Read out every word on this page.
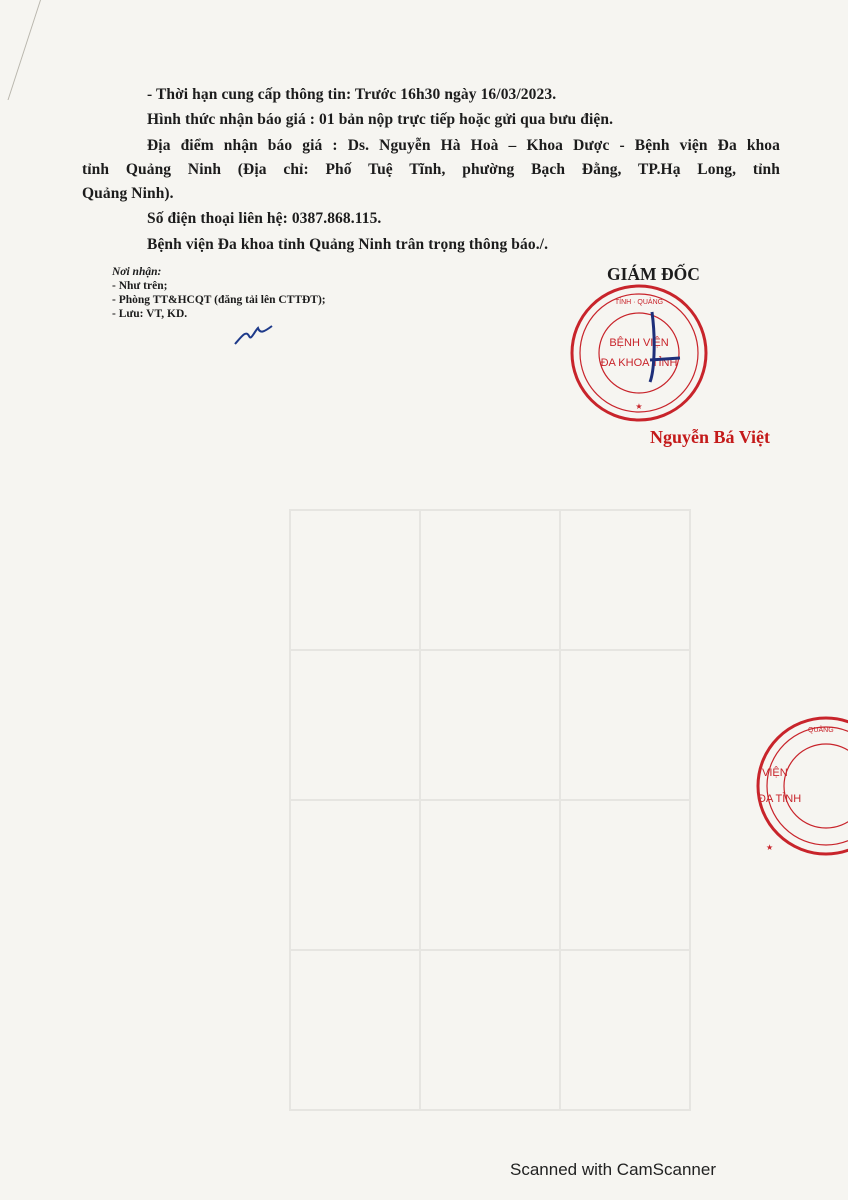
- Thời hạn cung cấp thông tin: Trước 16h30 ngày 16/03/2023.
Hình thức nhận báo giá : 01 bản nộp trực tiếp hoặc gửi qua bưu điện.
Địa điểm nhận báo giá : Ds. Nguyễn Hà Hoà – Khoa Dược - Bệnh viện Đa khoa
tỉnh Quảng Ninh (Địa chỉ: Phố Tuệ Tĩnh, phường Bạch Đằng, TP.Hạ Long, tỉnh
Quảng Ninh).
Số điện thoại liên hệ: 0387.868.115.
Bệnh viện Đa khoa tỉnh Quảng Ninh trân trọng thông báo./.
Nơi nhận:
- Như trên;
- Phòng TT&HCQT (đăng tải lên CTTĐT);
- Lưu: VT, KD.
GIÁM ĐỐC
TỈNH · QUẢNG
★
BỆNH VIỆN
ĐA KHOA TỈNH
Nguyễn Bá Việt
QUẢNG
VIỆN
ĐA TỈNH
★
Scanned with CamScanner
